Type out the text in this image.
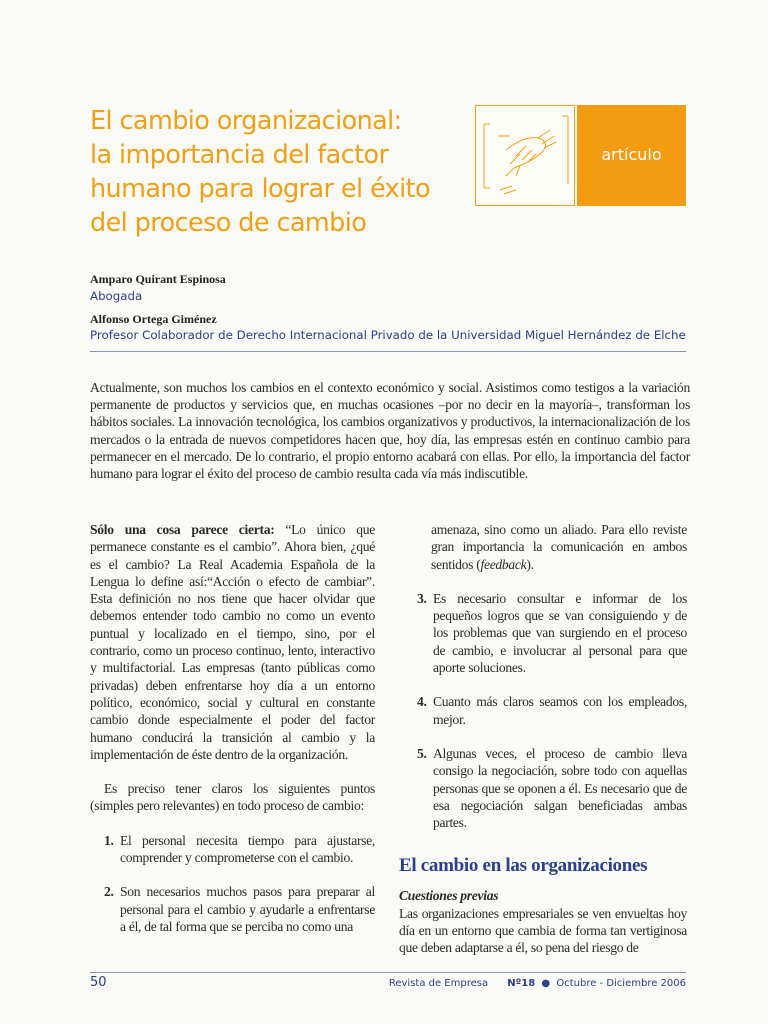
El cambio organizacional:
la importancia del factor
humano para lograr el éxito
del proceso de cambio
artículo
Amparo Quirant Espinosa
Abogada
Alfonso Ortega Giménez
Profesor Colaborador de Derecho Internacional Privado de la Universidad Miguel Hernández de Elche

Actualmente, son muchos los cambios en el contexto económico y social. Asistimos como testigos a la variación permanente de productos y servicios que, en muchas ocasiones –por no decir en la mayoría–, transforman los hábitos sociales. La innovación tecnológica, los cambios organizativos y productivos, la internacionalización de los mercados o la entrada de nuevos competidores hacen que, hoy día, las empresas estén en continuo cambio para permanecer en el mercado. De lo contrario, el propio entorno acabará con ellas. Por ello, la importancia del factor humano para lograr el éxito del proceso de cambio resulta cada vía más indiscutible.

Sólo una cosa parece cierta: “Lo único que permanece constante es el cambio”. Ahora bien, ¿qué es el cambio? La Real Academia Española de la Lengua lo define así:“Acción o efecto de cambiar”. Esta definición no nos tiene que hacer olvidar que debemos entender todo cambio no como un evento puntual y localizado en el tiempo, sino, por el contrario, como un proceso continuo, lento, interactivo y multifactorial. Las empresas (tanto públicas como privadas) deben enfrentarse hoy día a un entorno político, económico, social y cultural en constante cambio donde especialmente el poder del factor humano conducirá la transición al cambio y la implementación de éste dentro de la organización.

Es preciso tener claros los siguientes puntos (simples pero relevantes) en todo proceso de cambio:

1. El personal necesita tiempo para ajustarse, comprender y comprometerse con el cambio.
2. Son necesarios muchos pasos para preparar al personal para el cambio y ayudarle a enfrentarse a él, de tal forma que se perciba no como una

amenaza, sino como un aliado. Para ello reviste gran importancia la comunicación en ambos sentidos (feedback).

3. Es necesario consultar e informar de los pequeños logros que se van consiguiendo y de los problemas que van surgiendo en el proceso de cambio, e involucrar al personal para que aporte soluciones.
4. Cuanto más claros seamos con los empleados, mejor.
5. Algunas veces, el proceso de cambio lleva consigo la negociación, sobre todo con aquellas personas que se oponen a él. Es necesario que de esa negociación salgan beneficiadas ambas partes.
El cambio en las organizaciones
Cuestiones previas

Las organizaciones empresariales se ven envueltas hoy día en un entorno que cambia de forma tan vertiginosa que deben adaptarse a él, so pena del riesgo de

50	Revista de Empresa Nº18 ● Octubre - Diciembre 2006
